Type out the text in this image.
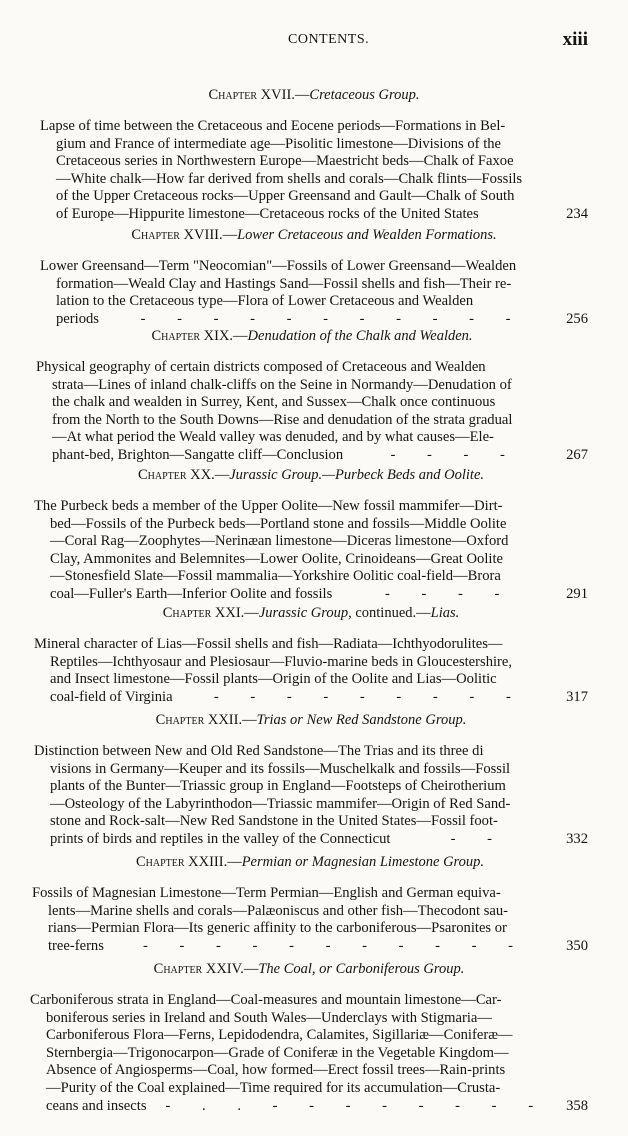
CONTENTS.	xiii
Chapter XVII.—Cretaceous Group.
Lapse of time between the Cretaceous and Eocene periods—Formations in Bel-
gium and France of intermediate age—Pisolitic limestone—Divisions of the
Cretaceous series in Northwestern Europe—Maestricht beds—Chalk of Faxoe
—White chalk—How far derived from shells and corals—Chalk flints—Fossils
of the Upper Cretaceous rocks—Upper Greensand and Gault—Chalk of South
of Europe—Hippurite limestone—Cretaceous rocks of the United States	234
Chapter XVIII.—Lower Cretaceous and Wealden Formations.
Lower Greensand—Term "Neocomian"—Fossils of Lower Greensand—Wealden
formation—Weald Clay and Hastings Sand—Fossil shells and fish—Their re-
lation to the Cretaceous type—Flora of Lower Cretaceous and Wealden
periods	- - - - - - - - - - -	256
Chapter XIX.—Denudation of the Chalk and Wealden.
Physical geography of certain districts composed of Cretaceous and Wealden
strata—Lines of inland chalk-cliffs on the Seine in Normandy—Denudation of
the chalk and wealden in Surrey, Kent, and Sussex—Chalk once continuous
from the North to the South Downs—Rise and denudation of the strata gradual
—At what period the Weald valley was denuded, and by what causes—Ele-
phant-bed, Brighton—Sangatte cliff—Conclusion	- - - -	267
Chapter XX.—Jurassic Group.—Purbeck Beds and Oolite.
The Purbeck beds a member of the Upper Oolite—New fossil mammifer—Dirt-
bed—Fossils of the Purbeck beds—Portland stone and fossils—Middle Oolite
—Coral Rag—Zoophytes—Nerinæan limestone—Diceras limestone—Oxford
Clay, Ammonites and Belemnites—Lower Oolite, Crinoideans—Great Oolite
—Stonesfield Slate—Fossil mammalia—Yorkshire Oolitic coal-field—Brora
coal—Fuller's Earth—Inferior Oolite and fossils	- - - -	291
Chapter XXI.—Jurassic Group, continued.—Lias.
Mineral character of Lias—Fossil shells and fish—Radiata—Ichthyodorulites—
Reptiles—Ichthyosaur and Plesiosaur—Fluvio-marine beds in Gloucestershire,
and Insect limestone—Fossil plants—Origin of the Oolite and Lias—Oolitic
coal-field of Virginia	- - - - - - - - -	317
Chapter XXII.—Trias or New Red Sandstone Group.
Distinction between New and Old Red Sandstone—The Trias and its three di
visions in Germany—Keuper and its fossils—Muschelkalk and fossils—Fossil
plants of the Bunter—Triassic group in England—Footsteps of Cheirotherium
—Osteology of the Labyrinthodon—Triassic mammifer—Origin of Red Sand-
stone and Rock-salt—New Red Sandstone in the United States—Fossil foot-
prints of birds and reptiles in the valley of the Connecticut	- -	332
Chapter XXIII.—Permian or Magnesian Limestone Group.
Fossils of Magnesian Limestone—Term Permian—English and German equiva-
lents—Marine shells and corals—Palæoniscus and other fish—Thecodont sau-
rians—Permian Flora—Its generic affinity to the carboniferous—Psaronites or
tree-ferns	- - - - - - - - - - -	350
Chapter XXIV.—The Coal, or Carboniferous Group.
Carboniferous strata in England—Coal-measures and mountain limestone—Car-
boniferous series in Ireland and South Wales—Underclays with Stigmaria—
Carboniferous Flora—Ferns, Lepidodendra, Calamites, Sigillariæ—Coniferæ—
Sternbergia—Trigonocarpon—Grade of Coniferæ in the Vegetable Kingdom—
Absence of Angiosperms—Coal, how formed—Erect fossil trees—Rain-prints
—Purity of the Coal explained—Time required for its accumulation—Crusta-
ceans and insects	- . . - - - - - - - -	358
